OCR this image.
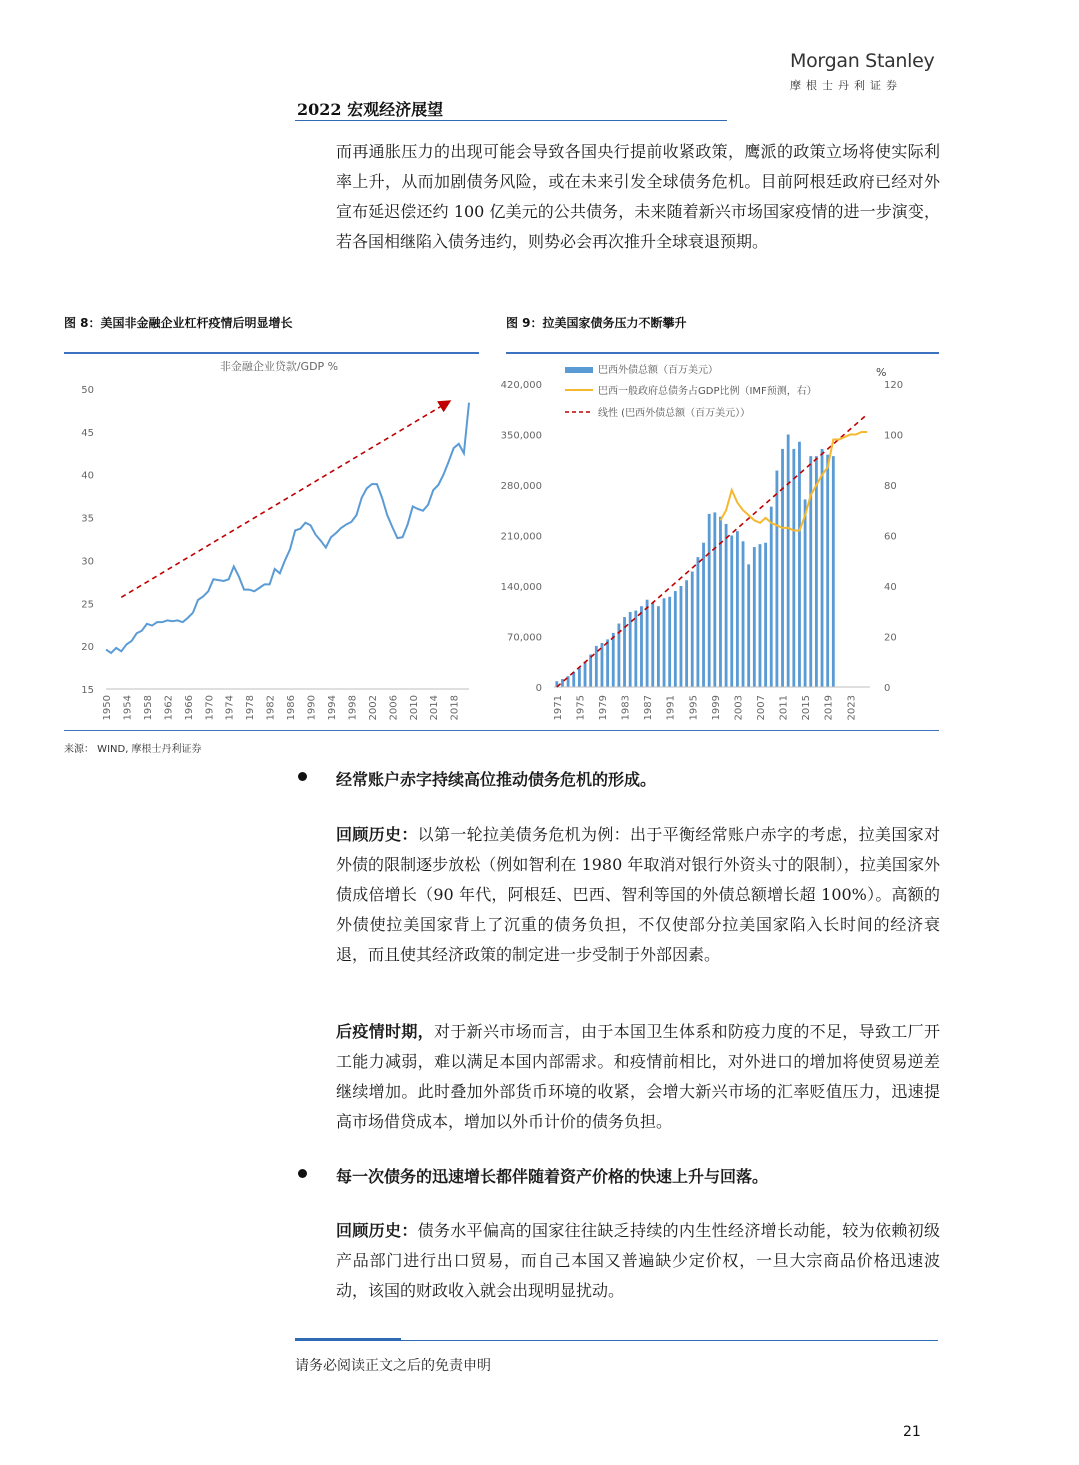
Morgan Stanley
摩根士丹利证券
2022 宏观经济展望

而再通胀压力的出现可能会导致各国央行提前收紧政策，鹰派的政策立场将使实际利率上升，从而加剧债务风险，或在未来引发全球债务危机。目前阿根廷政府已经对外宣布延迟偿还约 100 亿美元的公共债务，未来随着新兴市场国家疫情的进一步演变，若各国相继陷入债务违约，则势必会再次推升全球衰退预期。

图 8：美国非金融企业杠杆疫情后明显增长	图 9：拉美国家债务压力不断攀升
非金融企业贷款/GDP %
15
20
25
30
35
40
45
50
1950 1954 1958 1962 1966 1970 1974 1978 1982 1986 1990 1994 1998 2002 2006 2010 2014 2018
巴西外债总额（百万美元）
巴西一般政府总债务占GDP比例（IMF预测，右）
线性 (巴西外债总额（百万美元））
%
0
70,000
140,000
210,000
280,000
350,000
420,000
0
20
40
60
80
100
120
1971 1975 1979 1983 1987 1991 1995 1999 2003 2007 2011 2015 2019 2023
来源： WIND, 摩根士丹利证券
经常账户赤字持续高位推动债务危机的形成。

回顾历史：以第一轮拉美债务危机为例：出于平衡经常账户赤字的考虑，拉美国家对外债的限制逐步放松（例如智利在 1980 年取消对银行外资头寸的限制），拉美国家外债成倍增长（90 年代，阿根廷、巴西、智利等国的外债总额增长超 100%）。高额的外债使拉美国家背上了沉重的债务负担，不仅使部分拉美国家陷入长时间的经济衰退，而且使其经济政策的制定进一步受制于外部因素。

后疫情时期，对于新兴市场而言，由于本国卫生体系和防疫力度的不足，导致工厂开工能力减弱，难以满足本国内部需求。和疫情前相比，对外进口的增加将使贸易逆差继续增加。此时叠加外部货币环境的收紧，会增大新兴市场的汇率贬值压力，迅速提高市场借贷成本，增加以外币计价的债务负担。

每一次债务的迅速增长都伴随着资产价格的快速上升与回落。

回顾历史：债务水平偏高的国家往往缺乏持续的内生性经济增长动能，较为依赖初级产品部门进行出口贸易，而自己本国又普遍缺少定价权，一旦大宗商品价格迅速波动，该国的财政收入就会出现明显扰动。

请务必阅读正文之后的免责申明
21
